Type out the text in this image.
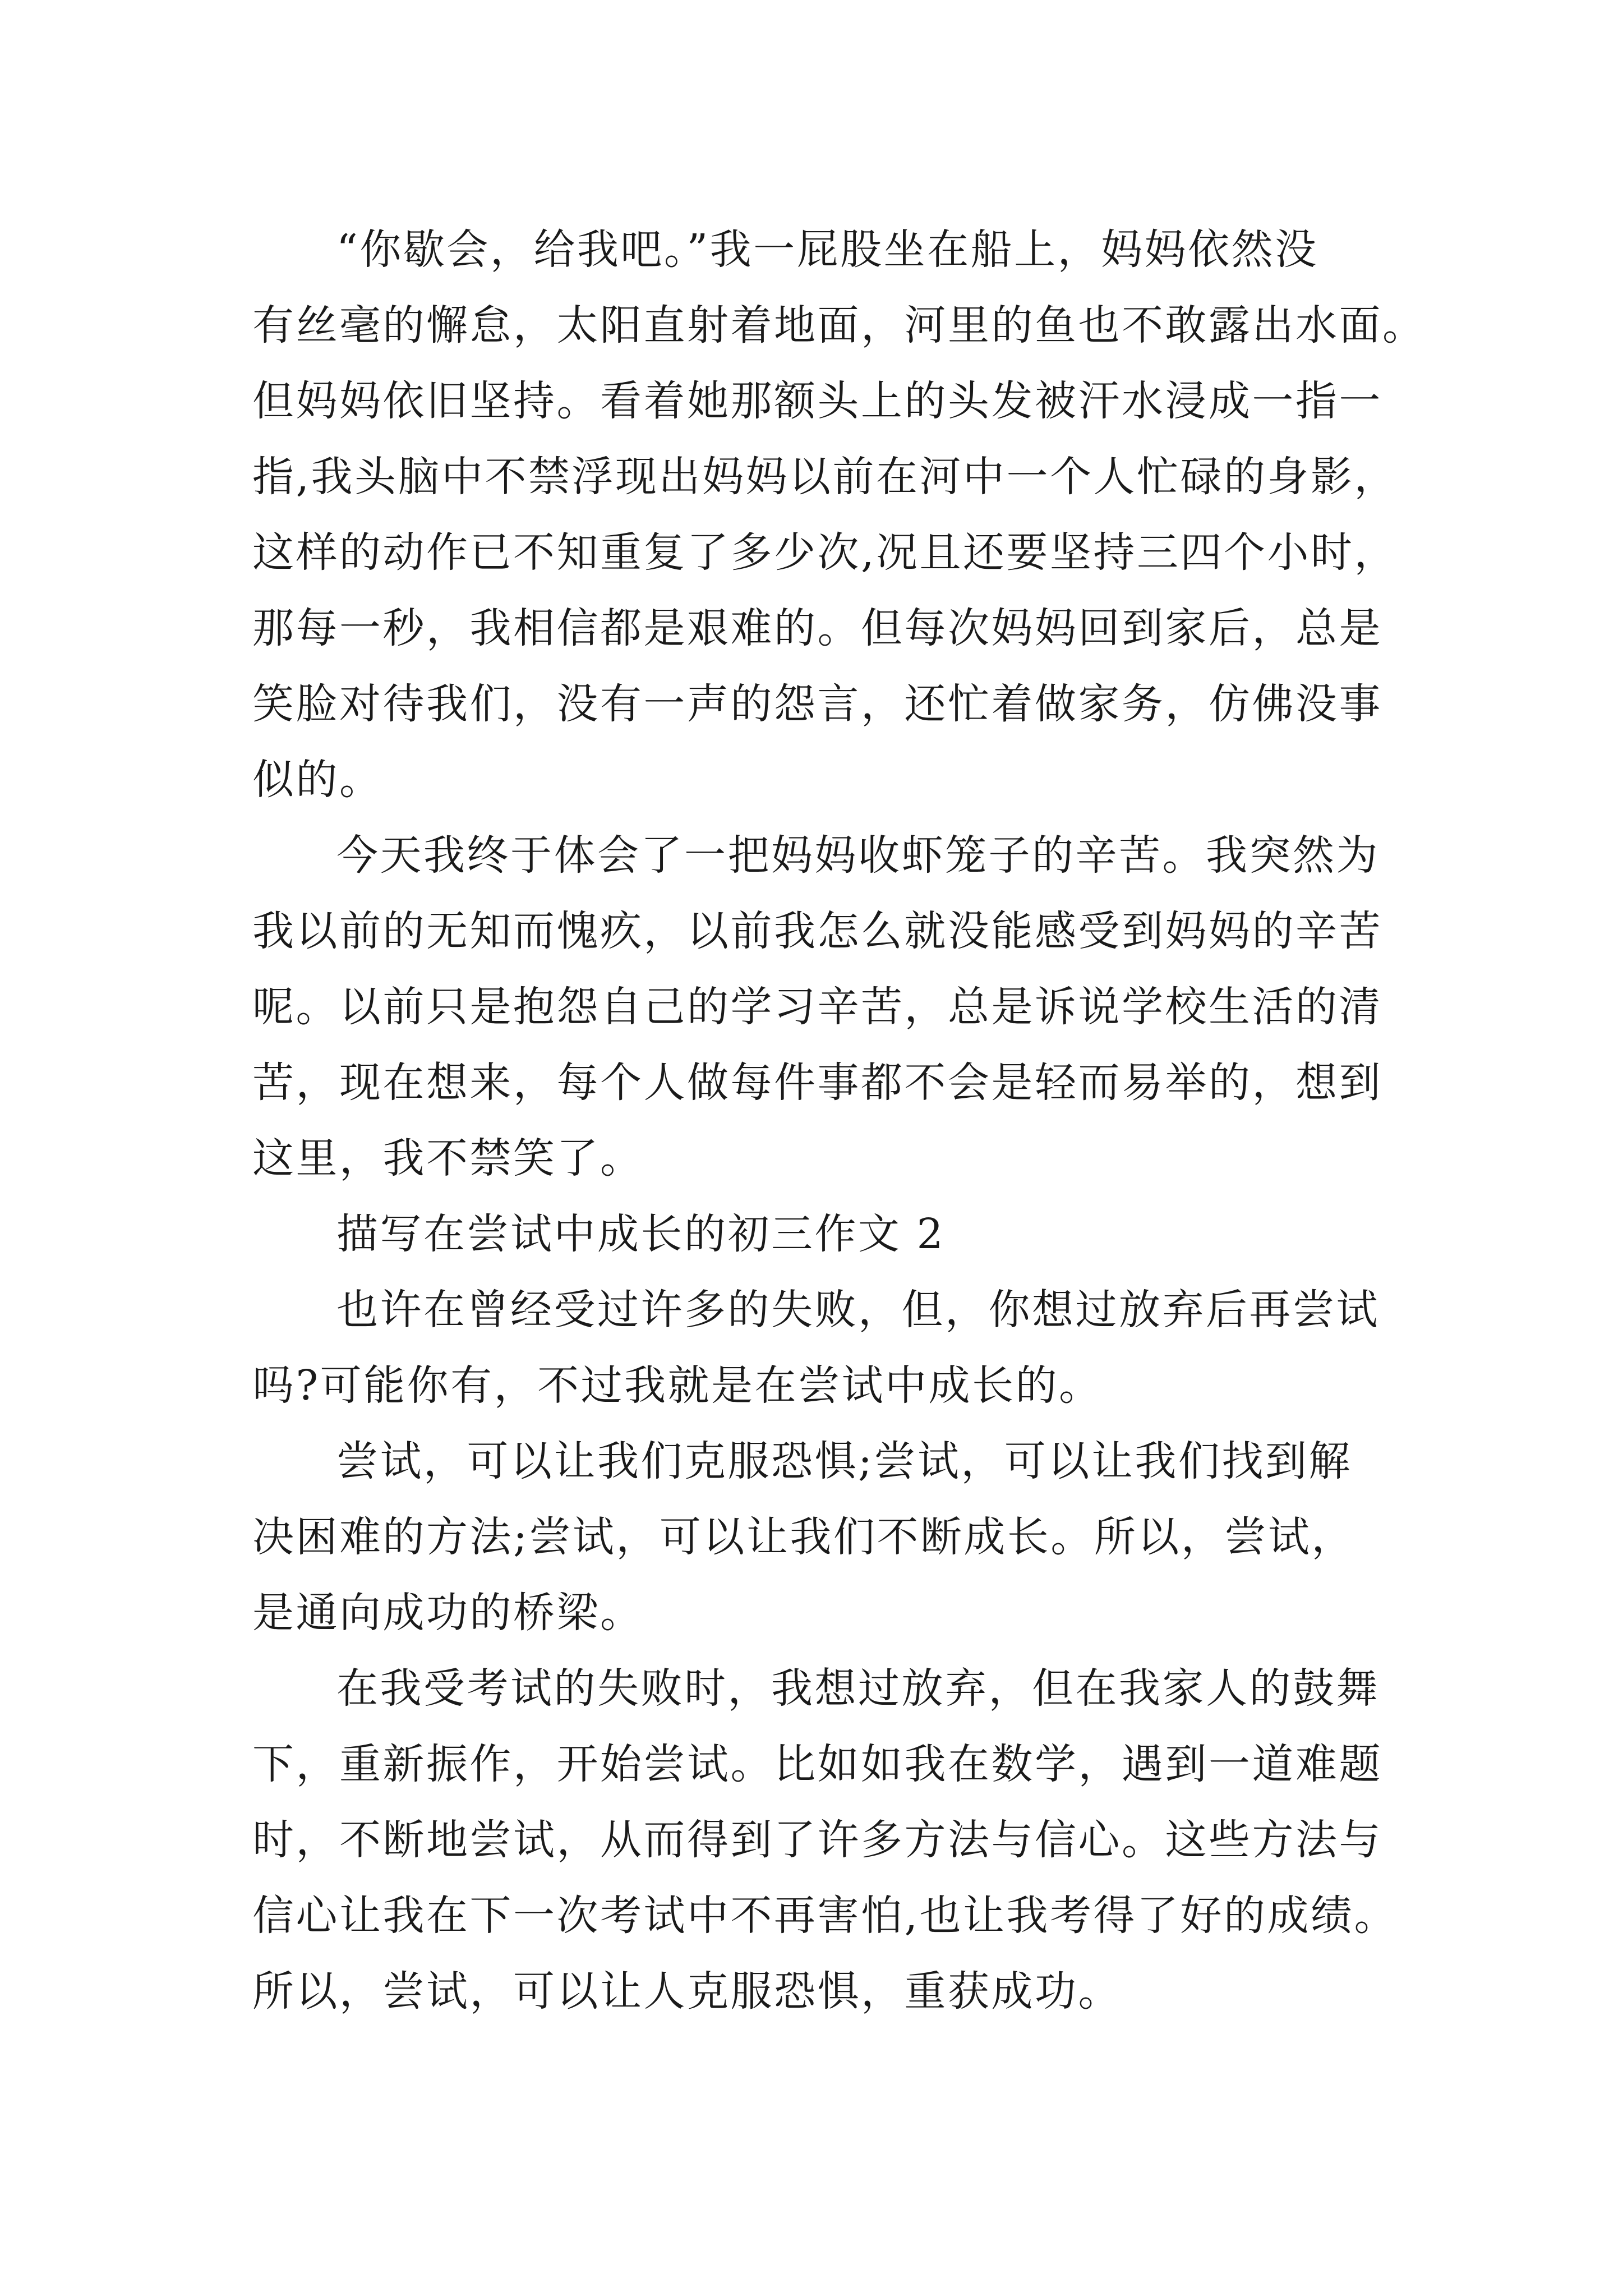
“你歇会，给我吧。”我一屁股坐在船上，妈妈依然没
有丝毫的懈怠，太阳直射着地面，河里的鱼也不敢露出水面。
但妈妈依旧坚持。看着她那额头上的头发被汗水浸成一指一
指,我头脑中不禁浮现出妈妈以前在河中一个人忙碌的身影，
这样的动作已不知重复了多少次,况且还要坚持三四个小时，
那每一秒，我相信都是艰难的。但每次妈妈回到家后，总是
笑脸对待我们，没有一声的怨言，还忙着做家务，仿佛没事
似的。
今天我终于体会了一把妈妈收虾笼子的辛苦。我突然为
我以前的无知而愧疚，以前我怎么就没能感受到妈妈的辛苦
呢。以前只是抱怨自己的学习辛苦，总是诉说学校生活的清
苦，现在想来，每个人做每件事都不会是轻而易举的，想到
这里，我不禁笑了。
描写在尝试中成长的初三作文 2
也许在曾经受过许多的失败，但，你想过放弃后再尝试
吗?可能你有，不过我就是在尝试中成长的。
尝试，可以让我们克服恐惧;尝试，可以让我们找到解
决困难的方法;尝试，可以让我们不断成长。所以，尝试，
是通向成功的桥梁。
在我受考试的失败时，我想过放弃，但在我家人的鼓舞
下，重新振作，开始尝试。比如如我在数学，遇到一道难题
时，不断地尝试，从而得到了许多方法与信心。这些方法与
信心让我在下一次考试中不再害怕,也让我考得了好的成绩。
所以，尝试，可以让人克服恐惧，重获成功。
